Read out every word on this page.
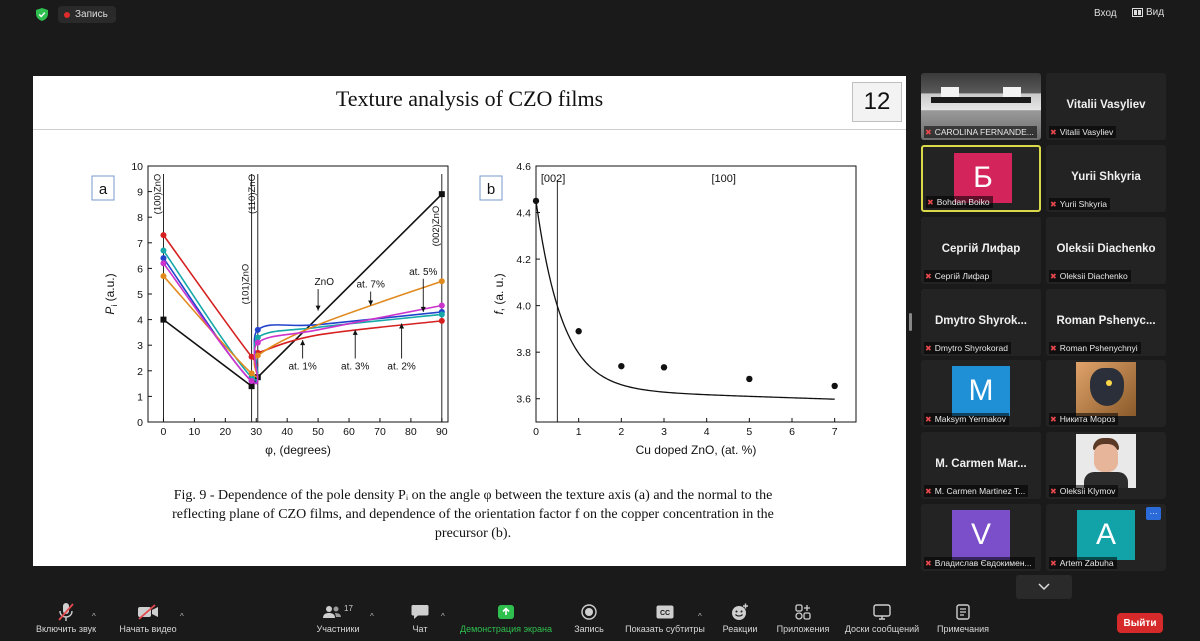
Запись	Вход	Вид
Texture analysis of CZO films	12
0 10 20 30 40 50 60 70 80 90
0
1
2
3
4
5
6
7
8
9
10
φ, (degrees)
$P_i$ (a.u.)
a	(100)ZnO
(101)ZnO
(110)ZnO
(002)ZnO
ZnO at. 7%
at. 5%
at. 1% at. 3% at. 2%
0	1	2	3	4	5	6	7
3.6
3.8
4.0
4.2
4.4
4.6
Cu doped ZnO, (at. %)
f, (a. u.)
b
[002]	[100]
Fig. 9 - Dependence of the pole density Pᵢ on the angle φ between the texture axis (a) and the normal to the
reflecting plane of CZO films, and dependence of the orientation factor f on the copper concentration in the
precursor (b).
✖ CAROLINA FERNANDE...
Vitalii Vasyliev
✖ Vitalii Vasyliev
Б
✖ Bohdan Boiko
Yurii Shkyria
✖ Yurii Shkyria
Сергій Лифар
✖ Сергій Лифар
Oleksii Diachenko
✖ Oleksii Diachenko
Dmytro Shyrok...
✖ Dmytro Shyrokorad
Roman Pshenyc...
✖ Roman Pshenychnyi
M
✖ Maksym Yermakov	✖ Никита Мороз
M. Carmen Mar...
✖ M. Carmen Martinez T...	✖ Oleksii Klymov
V
✖ Владислав Євдокимен...
A
✖ Artem Zabuha
···
Включить звук
^
Начать видео
^
17
Участники
^
Чат
^
Демонстрация экрана Запись
CC
Показать субтитры
^
Реакции Приложения Доски сообщений Примечания
Выйти
